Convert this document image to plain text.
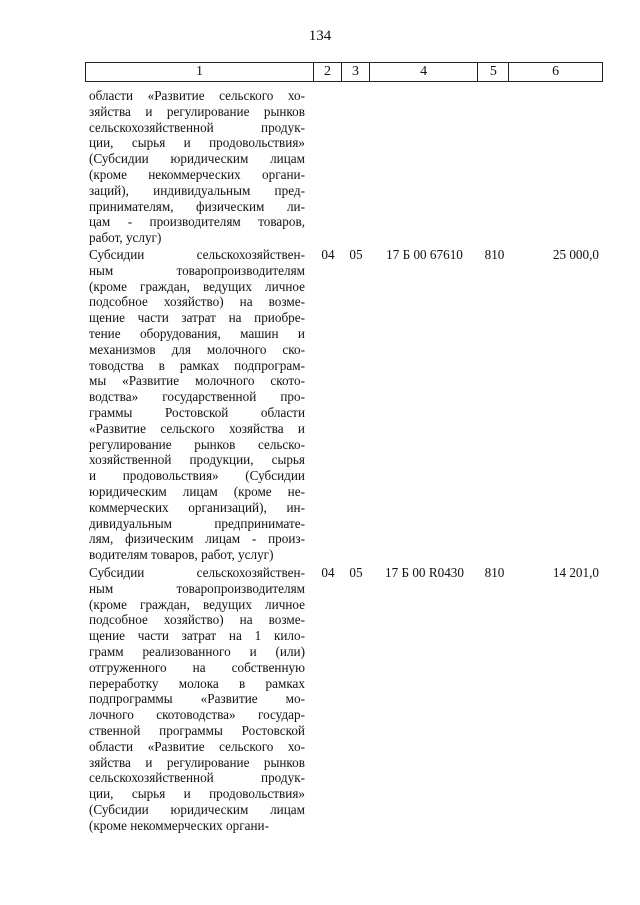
134
1	2	3	4	5	6
области «Развитие сельского хо-
зяйства и регулирование рынков
сельскохозяйственной продук-
ции, сырья и продовольствия»
(Субсидии юридическим лицам
(кроме некоммерческих органи-
заций), индивидуальным пред-
принимателям, физическим ли-
цам - производителям товаров,
работ, услуг)
Субсидии сельскохозяйствен-
ным товаропроизводителям
(кроме граждан, ведущих личное
подсобное хозяйство) на возме-
щение части затрат на приобре-
тение оборудования, машин и
механизмов для молочного ско-
товодства в рамках подпрограм-
мы «Развитие молочного ското-
водства» государственной про-
граммы Ростовской области
«Развитие сельского хозяйства и
регулирование рынков сельско-
хозяйственной продукции, сырья
и продовольствия» (Субсидии
юридическим лицам (кроме не-
коммерческих организаций), ин-
дивидуальным предпринимате-
лям, физическим лицам - произ-
водителям товаров, работ, услуг)
04	05	17 Б 00 67610	810	25 000,0
Субсидии сельскохозяйствен-
ным товаропроизводителям
(кроме граждан, ведущих личное
подсобное хозяйство) на возме-
щение части затрат на 1 кило-
грамм реализованного и (или)
отгруженного на собственную
переработку молока в рамках
подпрограммы «Развитие мо-
лочного скотоводства» государ-
ственной программы Ростовской
области «Развитие сельского хо-
зяйства и регулирование рынков
сельскохозяйственной продук-
ции, сырья и продовольствия»
(Субсидии юридическим лицам
(кроме некоммерческих органи-
04	05	17 Б 00 R0430	810	14 201,0
